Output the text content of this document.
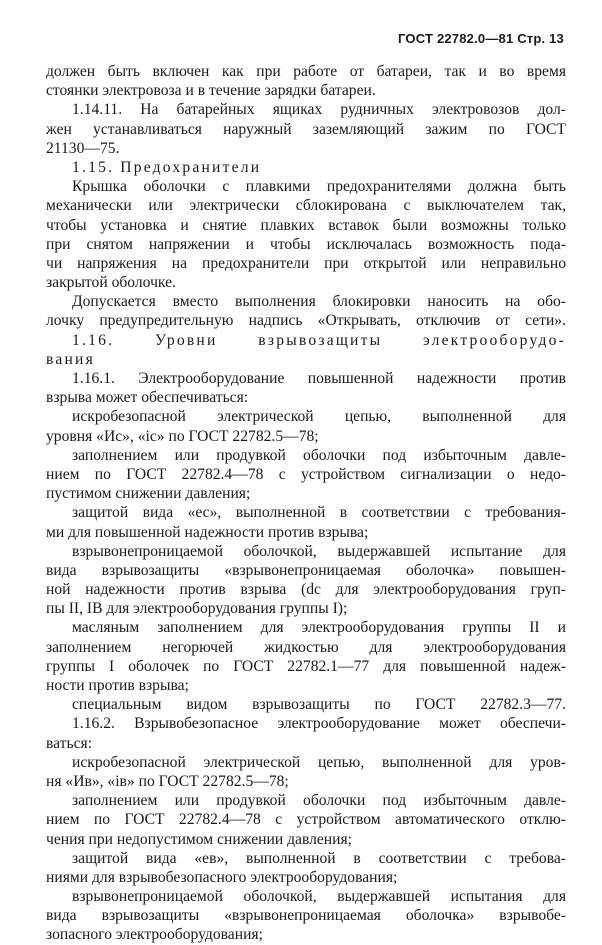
ГОСТ 22782.0—81 Стр. 13
должен быть включен как при работе от батареи, так и во время
стоянки электровоза и в течение зарядки батареи.
1.14.11. На батарейных ящиках рудничных электровозов дол-
жен устанавливаться наружный заземляющий зажим по ГОСТ
21130—75.
1.15. Предохранители
Крышка оболочки с плавкими предохранителями должна быть
механически или электрически сблокирована с выключателем так,
чтобы установка и снятие плавких вставок были возможны только
при снятом напряжении и чтобы исключалась возможность пода-
чи напряжения на предохранители при открытой или неправильно
закрытой оболочке.
Допускается вместо выполнения блокировки наносить на обо-
лочку предупредительную надпись «Открывать, отключив от сети».
1.16. Уровни взрывозащиты электрооборудо-
вания
1.16.1. Электрооборудование повышенной надежности против
взрыва может обеспечиваться:
искробезопасной электрической цепью, выполненной для
уровня «Ис», «iс» по ГОСТ 22782.5—78;
заполнением или продувкой оболочки под избыточным давле-
нием по ГОСТ 22782.4—78 с устройством сигнализации о недо-
пустимом снижении давления;
защитой вида «ес», выполненной в соответствии с требования-
ми для повышенной надежности против взрыва;
взрывонепроницаемой оболочкой, выдержавшей испытание для
вида взрывозащиты «взрывонепроницаемая оболочка» повышен-
ной надежности против взрыва (dс для электрооборудования груп-
пы II, IВ для электрооборудования группы I);
масляным заполнением для электрооборудования группы II и
заполнением негорючей жидкостью для электрооборудования
группы I оболочек по ГОСТ 22782.1—77 для повышенной надеж-
ности против взрыва;
специальным видом взрывозащиты по ГОСТ 22782.3—77.
1.16.2. Взрывобезопасное электрооборудование может обеспечи-
ваться:
искробезопасной электрической цепью, выполненной для уров-
ня «Ив», «iв» по ГОСТ 22782.5—78;
заполнением или продувкой оболочки под избыточным давле-
нием по ГОСТ 22782.4—78 с устройством автоматического отклю-
чения при недопустимом снижении давления;
защитой вида «ев», выполненной в соответствии с требова-
ниями для взрывобезопасного электрооборудования;
взрывонепроницаемой оболочкой, выдержавшей испытания для
вида взрывозащиты «взрывонепроницаемая оболочка» взрывобе-
зопасного электрооборудования;
